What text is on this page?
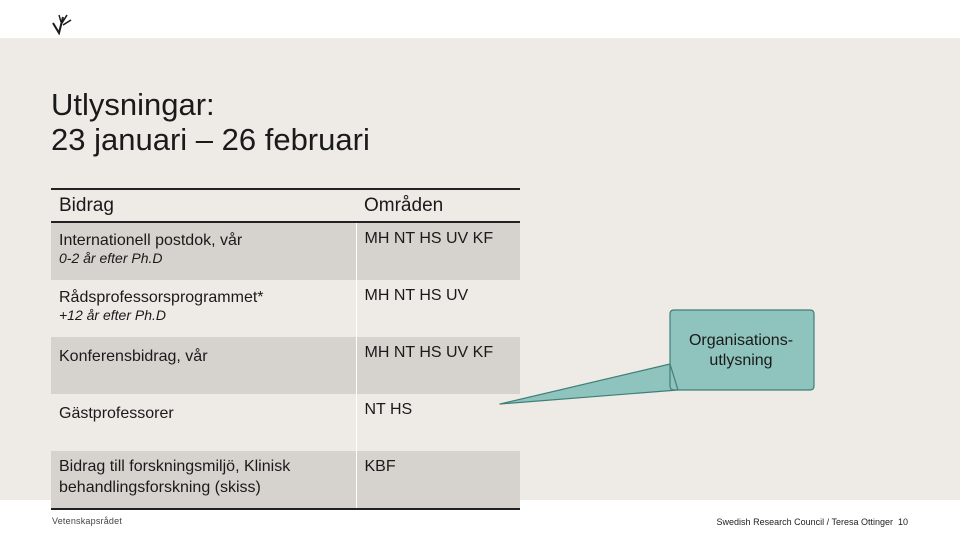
Utlysningar:
23 januari – 26 februari
Bidrag	Områden

Internationell postdok, vår
0-2 år efter Ph.D	MH NT HS UV KF

Rådsprofessorsprogrammet*
+12 år efter Ph.D	MH NT HS UV

Konferensbidrag, vår	MH NT HS UV KF

Gästprofessorer	NT HS

Bidrag till forskningsmiljö, Klinisk behandlingsforskning (skiss)	KBF
Organisations-
utlysning
Vetenskapsrådet	Swedish Research Council / Teresa Ottinger 10
